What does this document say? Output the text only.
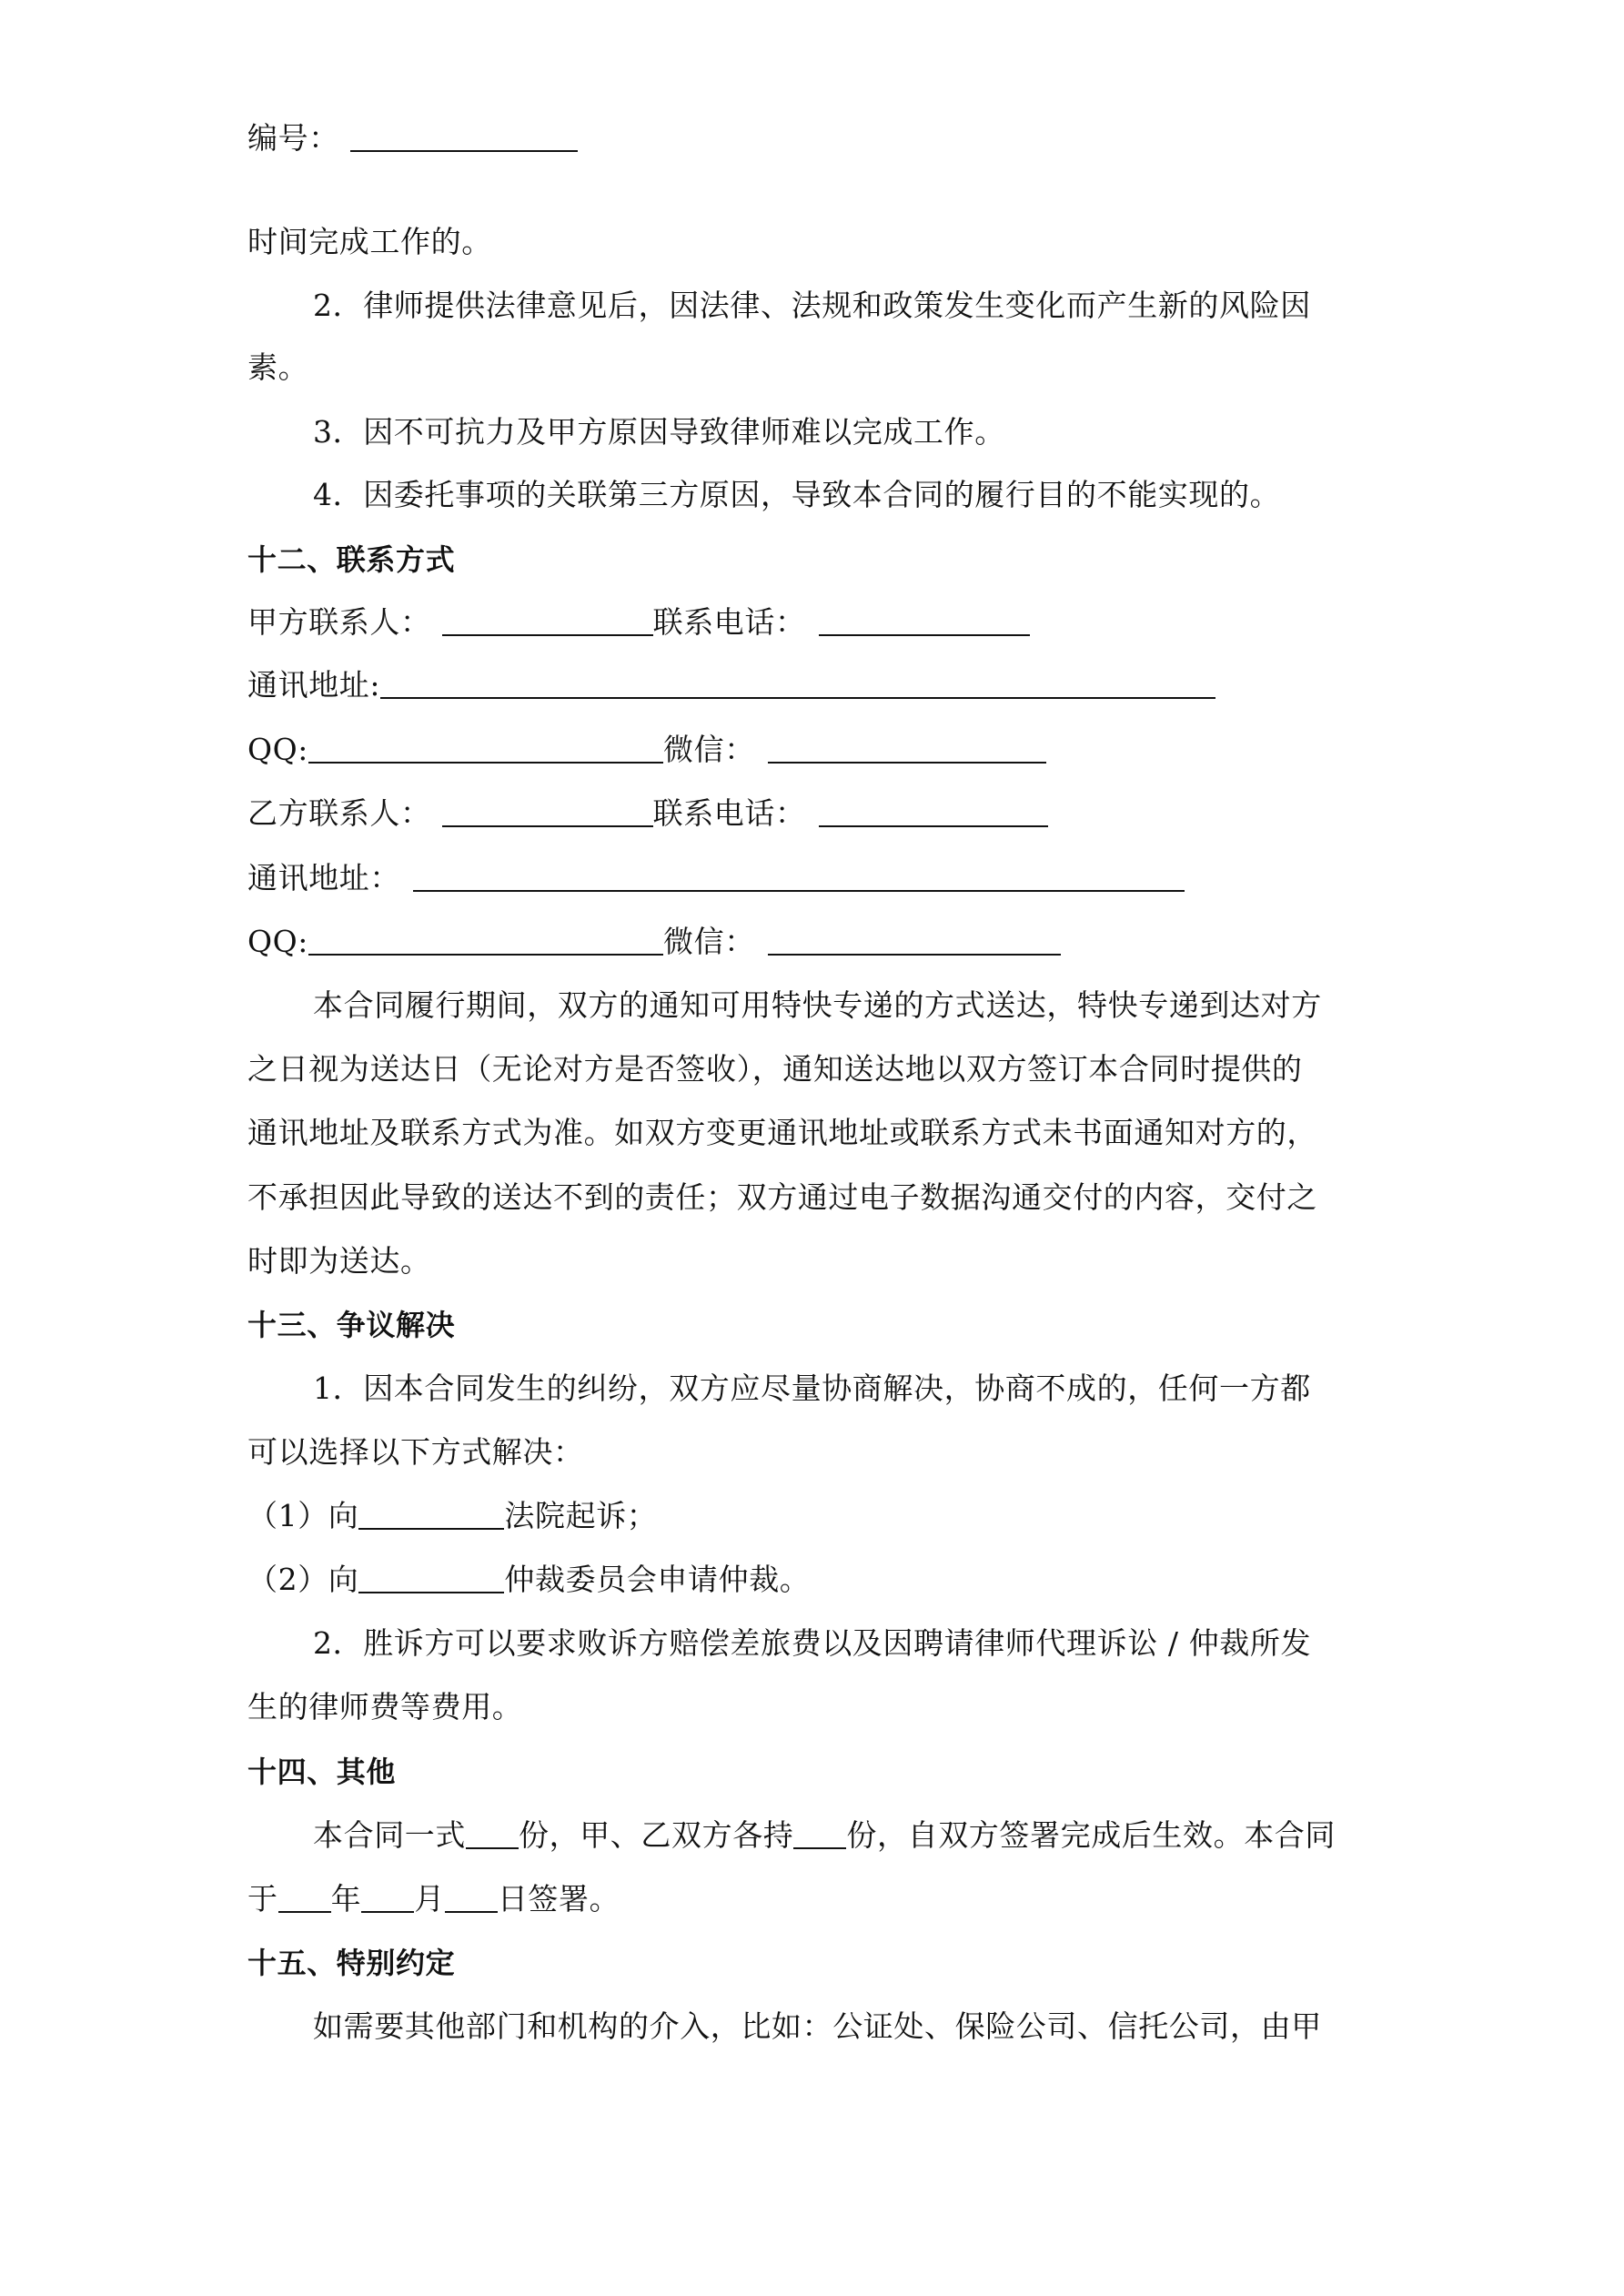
编号：
时间完成工作的。
2．律师提供法律意见后，因法律、法规和政策发生变化而产生新的风险因
素。
3．因不可抗力及甲方原因导致律师难以完成工作。
4．因委托事项的关联第三方原因，导致本合同的履行目的不能实现的。
十二、联系方式
甲方联系人：	联系电话：
通讯地址:
QQ:	微信：
乙方联系人：	联系电话：
通讯地址：
QQ:	微信：
本合同履行期间，双方的通知可用特快专递的方式送达，特快专递到达对方
之日视为送达日（无论对方是否签收），通知送达地以双方签订本合同时提供的
通讯地址及联系方式为准。如双方变更通讯地址或联系方式未书面通知对方的，
不承担因此导致的送达不到的责任；双方通过电子数据沟通交付的内容，交付之
时即为送达。
十三、争议解决
1．因本合同发生的纠纷，双方应尽量协商解决，协商不成的，任何一方都
可以选择以下方式解决：
（1）向	法院起诉；
（2）向	仲裁委员会申请仲裁。
2．胜诉方可以要求败诉方赔偿差旅费以及因聘请律师代理诉讼 / 仲裁所发
生的律师费等费用。
十四、其他
本合同一式 份，甲、乙双方各持 份，自双方签署完成后生效。本合同
于 年 月 日签署。
十五、特别约定
如需要其他部门和机构的介入，比如：公证处、保险公司、信托公司，由甲
